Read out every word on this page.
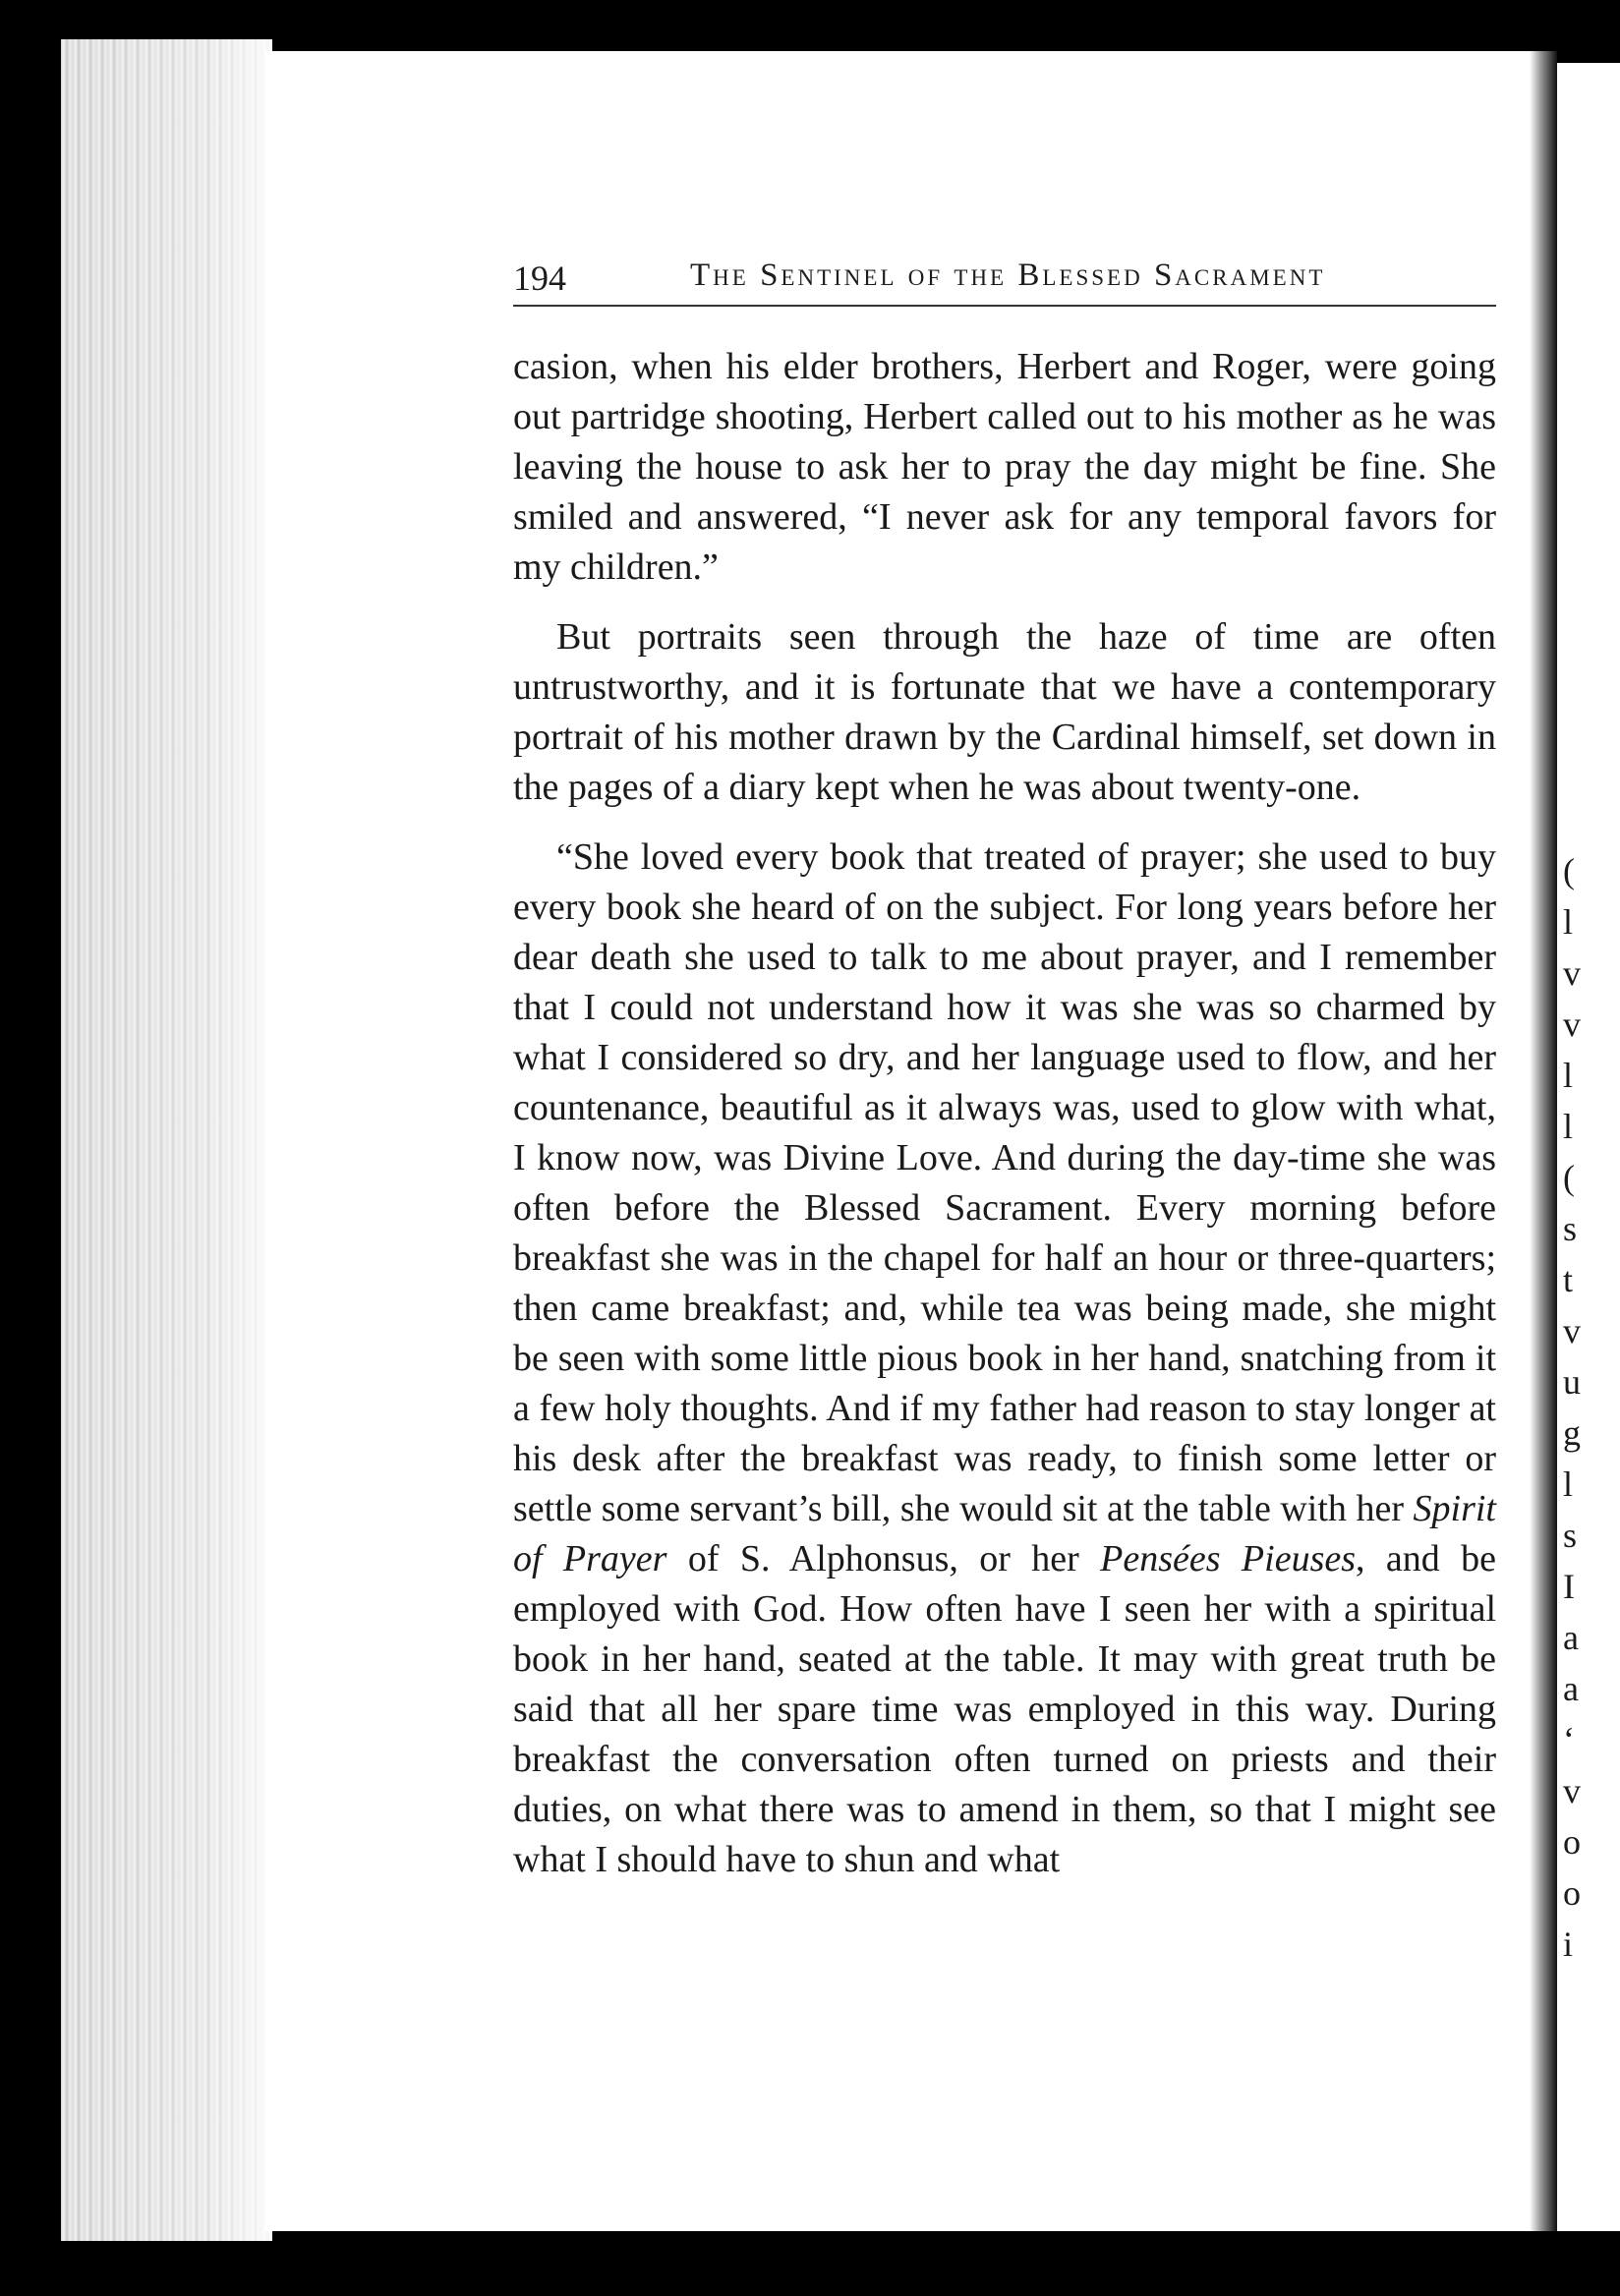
194	The Sentinel of the Blessed Sacrament

casion, when his elder brothers, Herbert and Roger, were going out partridge shooting, Herbert called out to his mother as he was leaving the house to ask her to pray the day might be fine. She smiled and answered, “I never ask for any temporal favors for my children.”

But portraits seen through the haze of time are often untrustworthy, and it is fortunate that we have a contemporary portrait of his mother drawn by the Cardinal himself, set down in the pages of a diary kept when he was about twenty-one.

“She loved every book that treated of prayer; she used to buy every book she heard of on the subject. For long years before her dear death she used to talk to me about prayer, and I remember that I could not understand how it was she was so charmed by what I considered so dry, and her language used to flow, and her countenance, beautiful as it always was, used to glow with what, I know now, was Divine Love. And during the day-time she was often before the Blessed Sacrament. Every morning before breakfast she was in the chapel for half an hour or three-quarters; then came breakfast; and, while tea was being made, she might be seen with some little pious book in her hand, snatching from it a few holy thoughts. And if my father had reason to stay longer at his desk after the breakfast was ready, to finish some letter or settle some servant’s bill, she would sit at the table with her Spirit of Prayer of S. Alphonsus, or her Pensées Pieuses, and be employed with God. How often have I seen her with a spiritual book in her hand, seated at the table. It may with great truth be said that all her spare time was employed in this way. During breakfast the conversation often turned on priests and their duties, on what there was to amend in them, so that I might see what I should have to shun and what

(
l
v
v
l
l
(
s
t
v
u
g
l
s
I
a
a
‘
v
o
o
i
